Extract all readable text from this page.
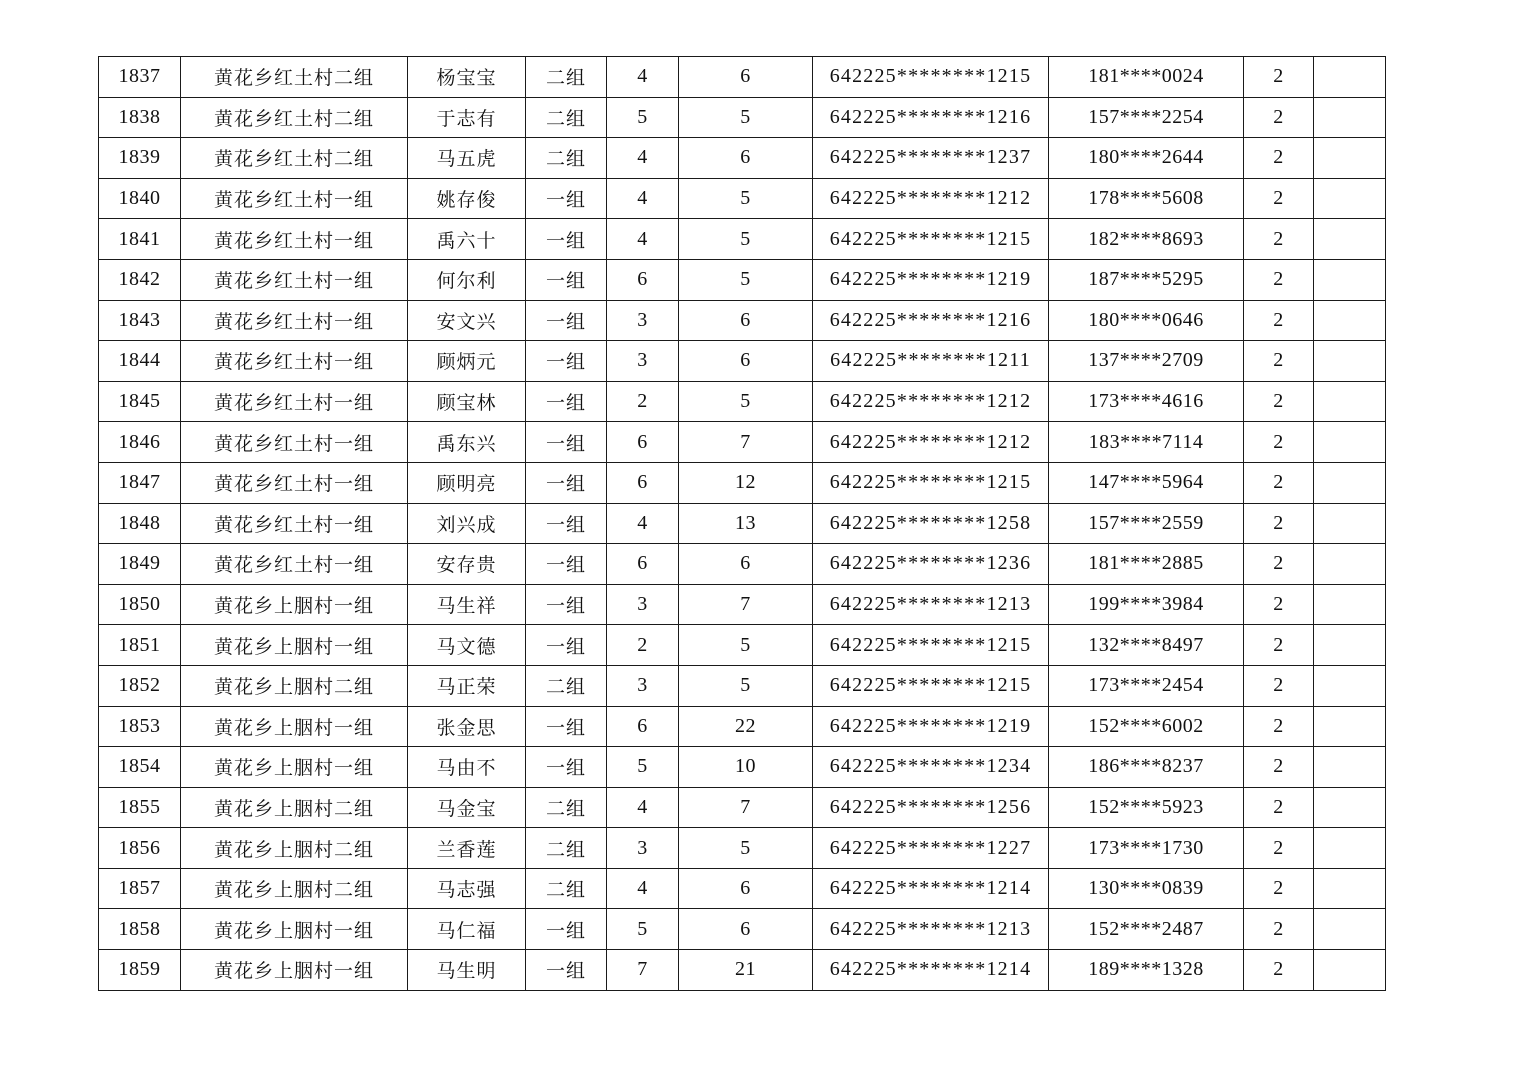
1837	黄花乡红土村二组	杨宝宝	二组	4	6	642225********1215	181****0024	2	
1838	黄花乡红土村二组	于志有	二组	5	5	642225********1216	157****2254	2	
1839	黄花乡红土村二组	马五虎	二组	4	6	642225********1237	180****2644	2	
1840	黄花乡红土村一组	姚存俊	一组	4	5	642225********1212	178****5608	2	
1841	黄花乡红土村一组	禹六十	一组	4	5	642225********1215	182****8693	2	
1842	黄花乡红土村一组	何尔利	一组	6	5	642225********1219	187****5295	2	
1843	黄花乡红土村一组	安文兴	一组	3	6	642225********1216	180****0646	2	
1844	黄花乡红土村一组	顾炳元	一组	3	6	642225********1211	137****2709	2	
1845	黄花乡红土村一组	顾宝林	一组	2	5	642225********1212	173****4616	2	
1846	黄花乡红土村一组	禹东兴	一组	6	7	642225********1212	183****7114	2	
1847	黄花乡红土村一组	顾明亮	一组	6	12	642225********1215	147****5964	2	
1848	黄花乡红土村一组	刘兴成	一组	4	13	642225********1258	157****2559	2	
1849	黄花乡红土村一组	安存贵	一组	6	6	642225********1236	181****2885	2	
1850	黄花乡上胭村一组	马生祥	一组	3	7	642225********1213	199****3984	2	
1851	黄花乡上胭村一组	马文德	一组	2	5	642225********1215	132****8497	2	
1852	黄花乡上胭村二组	马正荣	二组	3	5	642225********1215	173****2454	2	
1853	黄花乡上胭村一组	张金思	一组	6	22	642225********1219	152****6002	2	
1854	黄花乡上胭村一组	马由不	一组	5	10	642225********1234	186****8237	2	
1855	黄花乡上胭村二组	马金宝	二组	4	7	642225********1256	152****5923	2	
1856	黄花乡上胭村二组	兰香莲	二组	3	5	642225********1227	173****1730	2	
1857	黄花乡上胭村二组	马志强	二组	4	6	642225********1214	130****0839	2	
1858	黄花乡上胭村一组	马仁福	一组	5	6	642225********1213	152****2487	2	
1859	黄花乡上胭村一组	马生明	一组	7	21	642225********1214	189****1328	2	
